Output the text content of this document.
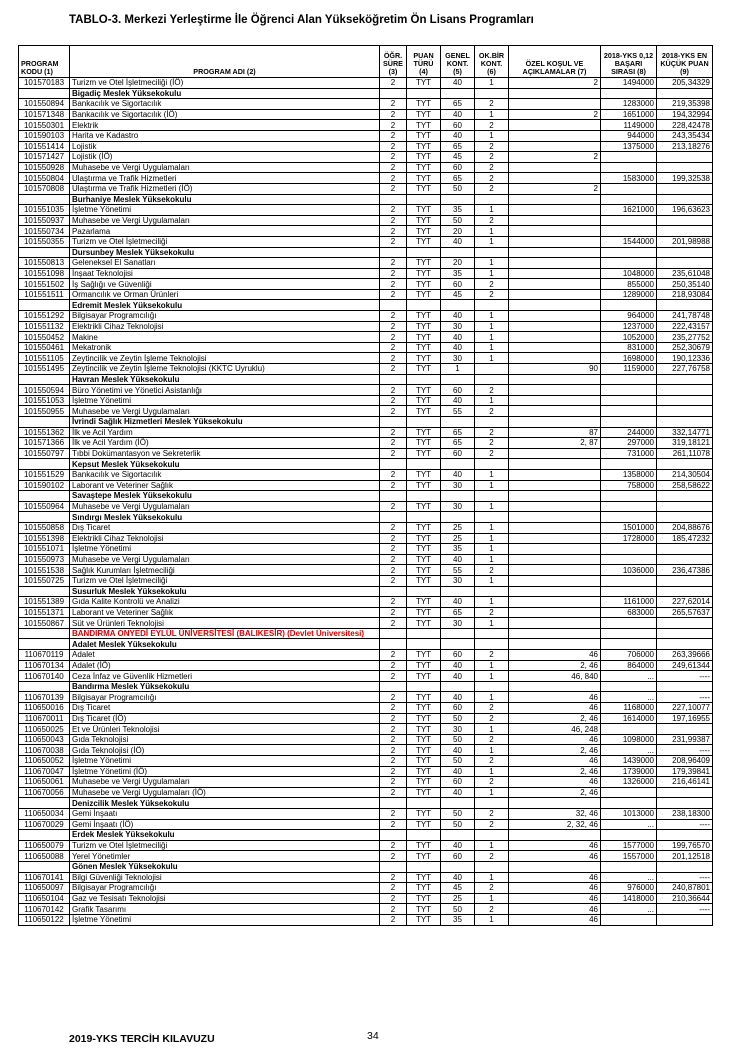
TABLO-3. Merkezi Yerleştirme İle Öğrenci Alan Yükseköğretim Ön Lisans Programları
PROGRAM KODU (1)	PROGRAM ADI (2)	ÖĞR. SÜRE (3)	PUAN TÜRÜ (4)	GENEL KONT. (5)	OK.BİR KONT. (6)	ÖZEL KOŞUL VE AÇIKLAMALAR (7)	2018-YKS 0,12 BAŞARI SIRASI (8)	2018-YKS EN KÜÇÜK PUAN (9)
101570183	Turizm ve Otel İşletmeciliği (İÖ)	2	TYT	40	1	2	1494000	205,34329
	Bigadiç Meslek Yüksekokulu							
101550894	Bankacılık ve Sigortacılık	2	TYT	65	2		1283000	219,35398
101571348	Bankacılık ve Sigortacılık (İÖ)	2	TYT	40	1	2	1651000	194,32994
101550301	Elektrik	2	TYT	60	2		1149000	228,42478
101590103	Harita ve Kadastro	2	TYT	40	1		944000	243,35434
101551414	Lojistik	2	TYT	65	2		1375000	213,18276
101571427	Lojistik (İÖ)	2	TYT	45	2	2		
101550928	Muhasebe ve Vergi Uygulamaları	2	TYT	60	2			
101550804	Ulaştırma ve Trafik Hizmetleri	2	TYT	65	2		1583000	199,32538
101570808	Ulaştırma ve Trafik Hizmetleri (İÖ)	2	TYT	50	2	2		
	Burhaniye Meslek Yüksekokulu							
101551035	İşletme Yönetimi	2	TYT	35	1		1621000	196,63623
101550937	Muhasebe ve Vergi Uygulamaları	2	TYT	50	2			
101550734	Pazarlama	2	TYT	20	1			
101550355	Turizm ve Otel İşletmeciliği	2	TYT	40	1		1544000	201,98988
	Dursunbey Meslek Yüksekokulu							
101550813	Geleneksel El Sanatları	2	TYT	20	1			
101551098	İnşaat Teknolojisi	2	TYT	35	1		1048000	235,61048
101551502	İş Sağlığı ve Güvenliği	2	TYT	60	2		855000	250,35140
101551511	Ormancılık ve Orman Ürünleri	2	TYT	45	2		1289000	218,93084
	Edremit Meslek Yüksekokulu							
101551292	Bilgisayar Programcılığı	2	TYT	40	1		964000	241,78748
101551132	Elektrikli Cihaz Teknolojisi	2	TYT	30	1		1237000	222,43157
101550452	Makine	2	TYT	40	1		1052000	235,27752
101550461	Mekatronik	2	TYT	40	1		831000	252,30679
101551105	Zeytincilik ve Zeytin İşleme Teknolojisi	2	TYT	30	1		1698000	190,12336
101551495	Zeytincilik ve Zeytin İşleme Teknolojisi (KKTC Uyruklu)	2	TYT	1		90	1159000	227,76758
	Havran Meslek Yüksekokulu							
101550594	Büro Yönetimi ve Yönetici Asistanlığı	2	TYT	60	2			
101551053	İşletme Yönetimi	2	TYT	40	1			
101550955	Muhasebe ve Vergi Uygulamaları	2	TYT	55	2			
	İvrindi Sağlık Hizmetleri Meslek Yüksekokulu							
101551362	İlk ve Acil Yardım	2	TYT	65	2	87	244000	332,14771
101571366	İlk ve Acil Yardım (İÖ)	2	TYT	65	2	2, 87	297000	319,18121
101550797	Tıbbi Dokümantasyon ve Sekreterlik	2	TYT	60	2		731000	261,11078
	Kepsut Meslek Yüksekokulu							
101551529	Bankacılık ve Sigortacılık	2	TYT	40	1		1358000	214,30504
101590102	Laborant ve Veteriner Sağlık	2	TYT	30	1		758000	258,58622
	Savaştepe Meslek Yüksekokulu							
101550964	Muhasebe ve Vergi Uygulamaları	2	TYT	30	1			
	Sındırgı Meslek Yüksekokulu							
101550858	Dış Ticaret	2	TYT	25	1		1501000	204,88676
101551398	Elektrikli Cihaz Teknolojisi	2	TYT	25	1		1728000	185,47232
101551071	İşletme Yönetimi	2	TYT	35	1			
101550973	Muhasebe ve Vergi Uygulamaları	2	TYT	40	1			
101551538	Sağlık Kurumları İşletmeciliği	2	TYT	55	2		1036000	236,47386
101550725	Turizm ve Otel İşletmeciliği	2	TYT	30	1			
	Susurluk Meslek Yüksekokulu							
101551389	Gıda Kalite Kontrolü ve Analizi	2	TYT	40	1		1161000	227,62014
101551371	Laborant ve Veteriner Sağlık	2	TYT	65	2		683000	265,57637
101550867	Süt ve Ürünleri Teknolojisi	2	TYT	30	1			
	BANDIRMA ONYEDİ EYLÜL ÜNİVERSİTESİ (BALIKESİR) (Devlet Üniversitesi)							
	Adalet Meslek Yüksekokulu							
110670119	Adalet	2	TYT	60	2	46	706000	263,39666
110670134	Adalet (İÖ)	2	TYT	40	1	2, 46	864000	249,61344
110670140	Ceza İnfaz ve Güvenlik Hizmetleri	2	TYT	40	1	46, 840	...	----
	Bandırma Meslek Yüksekokulu							
110670139	Bilgisayar Programcılığı	2	TYT	40	1	46	...	----
110650016	Dış Ticaret	2	TYT	60	2	46	1168000	227,10077
110670011	Dış Ticaret (İÖ)	2	TYT	50	2	2, 46	1614000	197,16955
110650025	Et ve Ürünleri Teknolojisi	2	TYT	30	1	46, 248		
110650043	Gıda Teknolojisi	2	TYT	50	2	46	1098000	231,99387
110670038	Gıda Teknolojisi (İÖ)	2	TYT	40	1	2, 46	...	----
110650052	İşletme Yönetimi	2	TYT	50	2	46	1439000	208,96409
110670047	İşletme Yönetimi (İÖ)	2	TYT	40	1	2, 46	1739000	179,39841
110650061	Muhasebe ve Vergi Uygulamaları	2	TYT	60	2	46	1326000	216,46141
110670056	Muhasebe ve Vergi Uygulamaları (İÖ)	2	TYT	40	1	2, 46		
	Denizcilik Meslek Yüksekokulu							
110650034	Gemi İnşaatı	2	TYT	50	2	32, 46	1013000	238,18300
110670029	Gemi İnşaatı (İÖ)	2	TYT	50	2	2, 32, 46	...	----
	Erdek Meslek Yüksekokulu							
110650079	Turizm ve Otel İşletmeciliği	2	TYT	40	1	46	1577000	199,76570
110650088	Yerel Yönetimler	2	TYT	60	2	46	1557000	201,12518
	Gönen Meslek Yüksekokulu							
110670141	Bilgi Güvenliği Teknolojisi	2	TYT	40	1	46	...	----
110650097	Bilgisayar Programcılığı	2	TYT	45	2	46	976000	240,87801
110650104	Gaz ve Tesisatı Teknolojisi	2	TYT	25	1	46	1418000	210,36644
110670142	Grafik Tasarımı	2	TYT	50	2	46	...	----
110650122	İşletme Yönetimi	2	TYT	35	1	46		
2019-YKS TERCİH KILAVUZU	34
